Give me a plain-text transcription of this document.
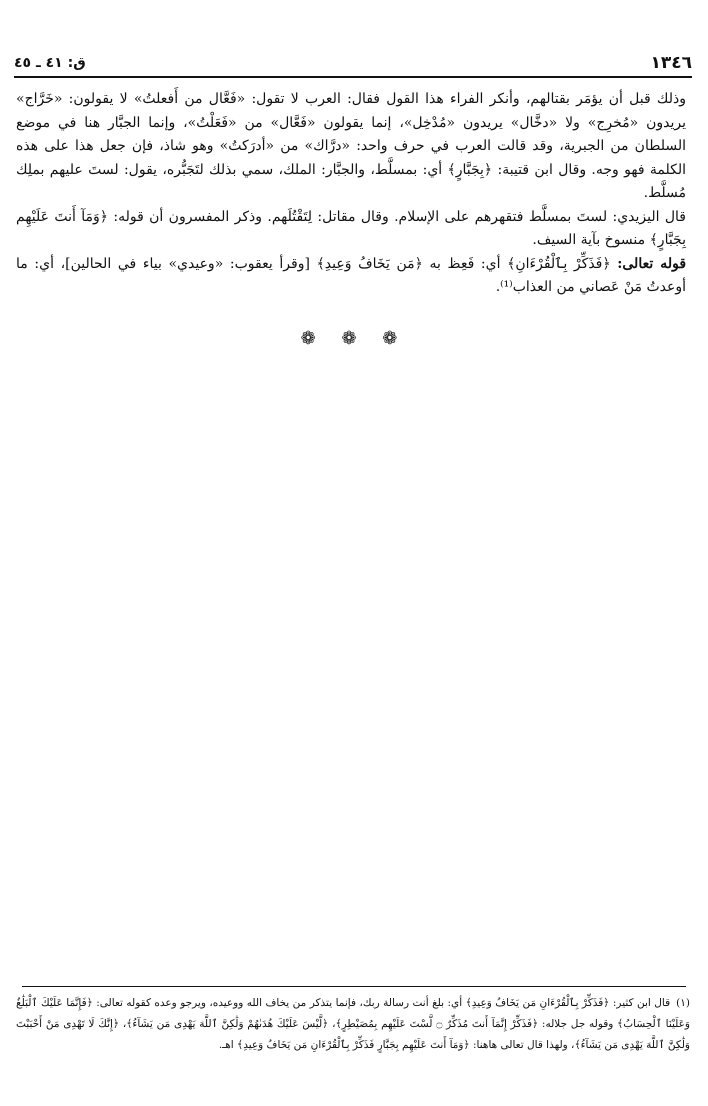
١٣٤٦
ق: ٤١ ـ ٤٥

وذلك قبل أن يؤمَر بقتالهم، وأنكر الفراء هذا القول فقال: العرب لا تقول: «فَعَّال من أَفعلتُ» لا يقولون: «خَرَّاج» يريدون «مُخرِج» ولا «دخَّال» يريدون «مُدْخِل»، إنما يقولون «فَعَّال» من «فَعَلْتُ»، وإنما الجبَّار هنا في موضع السلطان من الجبرية، وقد قالت العرب في حرف واحد: «درَّاك» من «أدرَكتُ» وهو شاذ، فإن جعل هذا على هذه الكلمة فهو وجه. وقال ابن قتيبة: ﴿بِجَبَّارٍ﴾ أي: بمسلَّط، والجبَّار: الملك، سمي بذلك لتَجَبُّره، يقول: لستَ عليهم بملِك مُسلَّط.

قال اليزيدي: لستَ بمسلَّط فتقهرهم على الإسلام. وقال مقاتل: لِتَقْتُلَهم. وذكر المفسرون أن قوله: ﴿وَمَآ أَنتَ عَلَيْهِم بِجَبَّارٍ﴾ منسوخ بآية السيف.

قوله تعالى: ﴿فَذَكِّرْ بِٱلْقُرْءَانِ﴾ أي: فَعِظ به ﴿مَن يَخَافُ وَعِيدِ﴾ [وقرأ يعقوب: «وعيدي» بياء في الحالين]، أي: ما أوعدتُ مَنْ عَصاني من العذاب⁽¹⁾.

❁ ❁ ❁

(١)قال ابن كثير: ﴿فَذَكِّرْ بِٱلْقُرْءَانِ مَن يَخَافُ وَعِيدِ﴾ أي: بلغ أنت رسالة ربك، فإنما يتذكر من يخاف الله ووعيده، ويرجو وعده كقوله تعالى: ﴿فَإِنَّمَا عَلَيْكَ ٱلْبَلَٰغُ وَعَلَيْنَا ٱلْحِسَابُ﴾ وقوله جل جلاله: ﴿فَذَكِّرْ إِنَّمَآ أَنتَ مُذَكِّرٌ ۝ لَّسْتَ عَلَيْهِم بِمُصَيْطِرٍ﴾، ﴿لَّيْسَ عَلَيْكَ هُدَىٰهُمْ وَلَٰكِنَّ ٱللَّهَ يَهْدِى مَن يَشَآءُ﴾، ﴿إِنَّكَ لَا تَهْدِى مَنْ أَحْبَبْتَ وَلَٰكِنَّ ٱللَّهَ يَهْدِى مَن يَشَآءُ﴾، ولهذا قال تعالى هاهنا: ﴿وَمَآ أَنتَ عَلَيْهِم بِجَبَّارٍ فَذَكِّرْ بِٱلْقُرْءَانِ مَن يَخَافُ وَعِيدِ﴾ اهـ.
